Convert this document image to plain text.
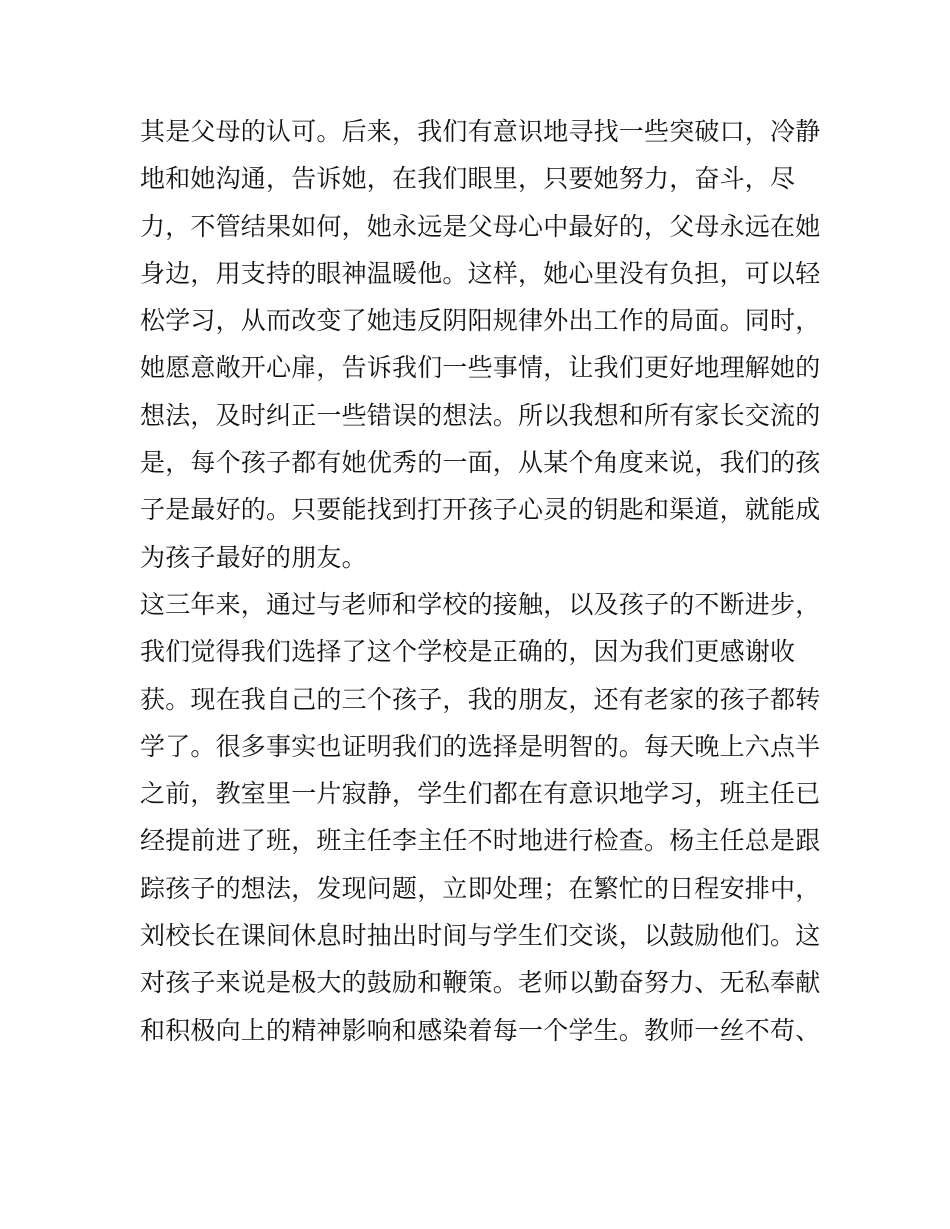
其是父母的认可。后来，我们有意识地寻找一些突破口，冷静
地和她沟通，告诉她，在我们眼里，只要她努力，奋斗，尽
力，不管结果如何，她永远是父母心中最好的，父母永远在她
身边，用支持的眼神温暖他。这样，她心里没有负担，可以轻
松学习，从而改变了她违反阴阳规律外出工作的局面。同时，
她愿意敞开心扉，告诉我们一些事情，让我们更好地理解她的
想法，及时纠正一些错误的想法。所以我想和所有家长交流的
是，每个孩子都有她优秀的一面，从某个角度来说，我们的孩
子是最好的。只要能找到打开孩子心灵的钥匙和渠道，就能成
为孩子最好的朋友。
这三年来，通过与老师和学校的接触，以及孩子的不断进步，
我们觉得我们选择了这个学校是正确的，因为我们更感谢收
获。现在我自己的三个孩子，我的朋友，还有老家的孩子都转
学了。很多事实也证明我们的选择是明智的。每天晚上六点半
之前，教室里一片寂静，学生们都在有意识地学习，班主任已
经提前进了班，班主任李主任不时地进行检查。杨主任总是跟
踪孩子的想法，发现问题，立即处理；在繁忙的日程安排中，
刘校长在课间休息时抽出时间与学生们交谈，以鼓励他们。这
对孩子来说是极大的鼓励和鞭策。老师以勤奋努力、无私奉献
和积极向上的精神影响和感染着每一个学生。教师一丝不苟、
